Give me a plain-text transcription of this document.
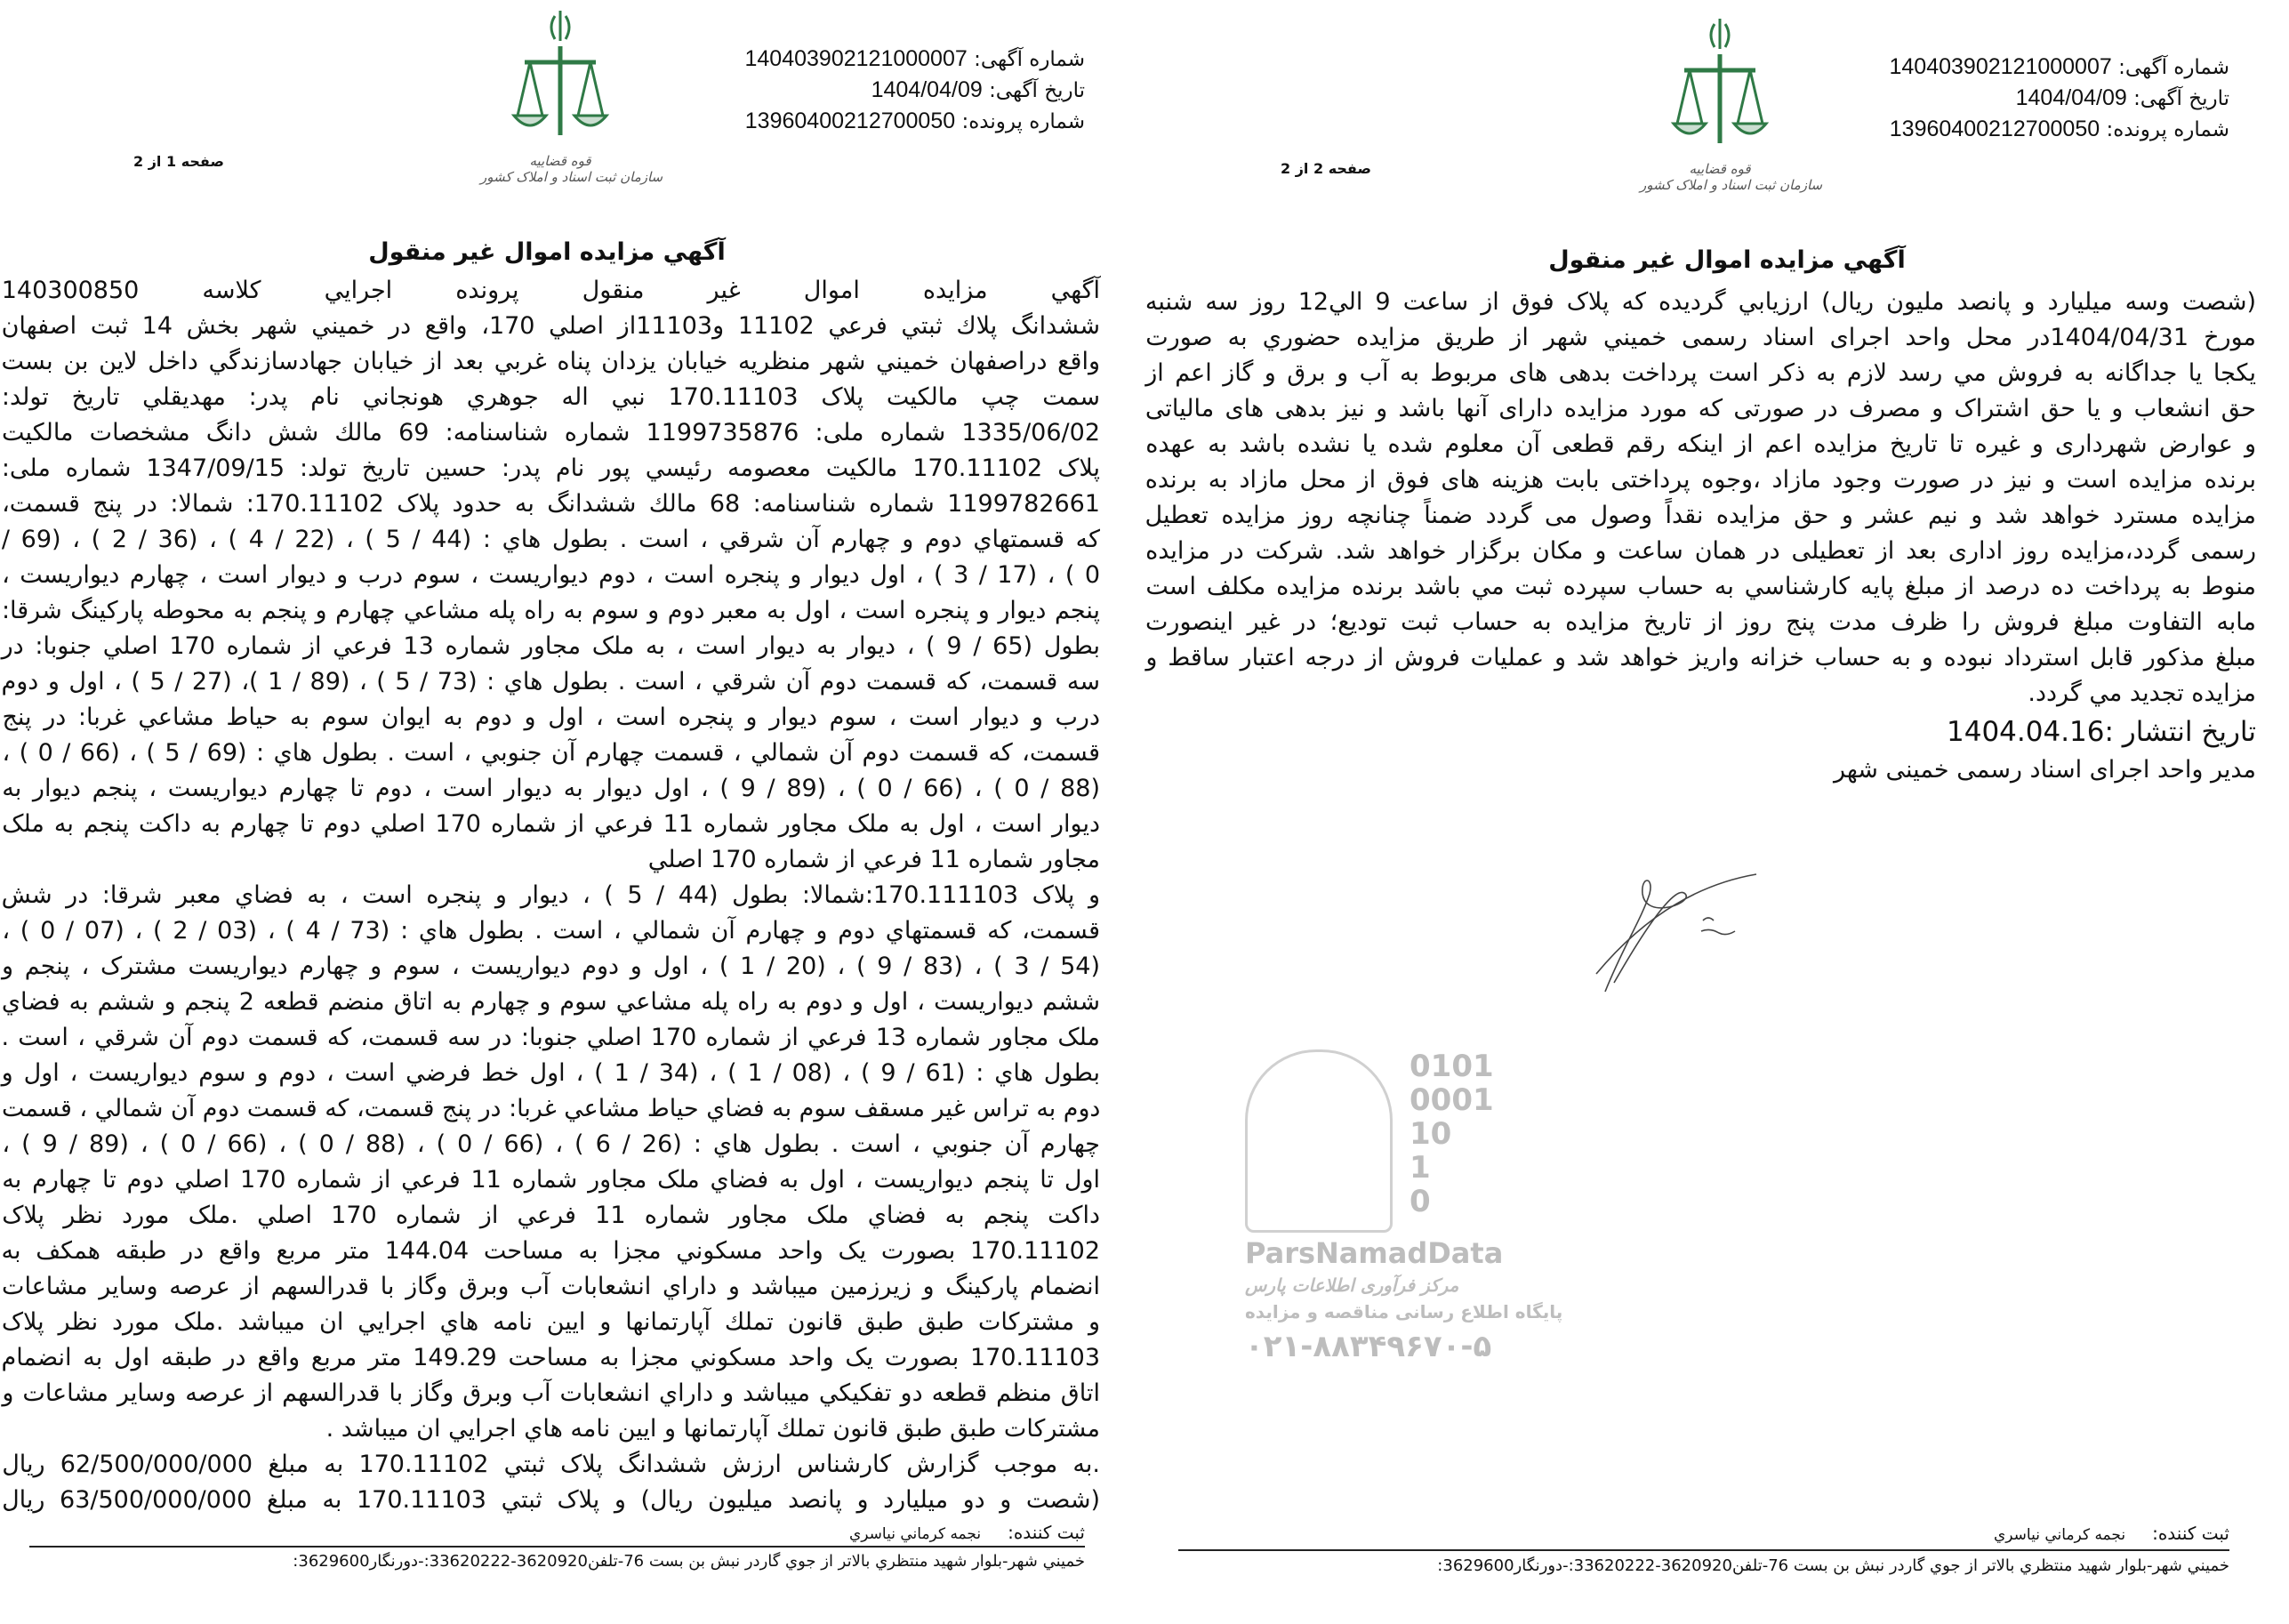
قوه قضاييه
سازمان ثبت اسناد و املاک كشور	قوه قضاييه
سازمان ثبت اسناد و املاک كشور
شماره آگهی: 140403902121000007
تاريخ آگهی: 1404/04/09
شماره پرونده: 13960400212700050
صفحه 1 از 2
آگهي مزايده اموال غير منقول
آگهي مزايده اموال غير منقول پرونده اجرايي كلاسه 140300850
ششدانگ پلاك ثبتي فرعي 11102 و11103از اصلي 170، واقع در خميني شهر بخش 14 ثبت اصفهان
واقع دراصفهان خميني شهر منظريه خيابان يزدان پناه غربي بعد از خيابان جهادسازندگي داخل لاين بن بست
سمت چپ مالكيت پلاک 170.11103 نبي اله جوهري هونجاني نام پدر: مهديقلي تاريخ تولد:
1335/06/02 شماره ملی: 1199735876 شماره شناسنامه: 69 مالك شش دانگ مشخصات مالكيت
پلاک 170.11102 مالكيت معصومه رئيسي پور نام پدر: حسين تاريخ تولد: 1347/09/15 شماره ملی:
1199782661 شماره شناسنامه: 68 مالك ششدانگ به حدود پلاک 170.11102: شمالا: در پنج قسمت،
كه قسمتهاي دوم و چهارم آن شرقي ، است . بطول هاي : (44 / 5 ) ، (22 / 4 ) ، (36 / 2 ) ، (69 /
0 ) ، (17 / 3 ) ، اول ديوار و پنجره است ، دوم ديواريست ، سوم درب و ديوار است ، چهارم ديواريست ،
پنجم ديوار و پنجره است ، اول به معبر دوم و سوم به راه پله مشاعي چهارم و پنجم به محوطه پاركينگ شرقا:
بطول (65 / 9 ) ، ديوار به ديوار است ، به ملک مجاور شماره 13 فرعي از شماره 170 اصلي جنوبا: در
سه قسمت، كه قسمت دوم آن شرقي ، است . بطول هاي : (73 / 5 ) ، (89 / 1 )، (27 / 5 ) ، اول و دوم
درب و ديوار است ، سوم ديوار و پنجره است ، اول و دوم به ايوان سوم به حياط مشاعي غربا: در پنج
قسمت، كه قسمت دوم آن شمالي ، قسمت چهارم آن جنوبي ، است . بطول هاي : (69 / 5 ) ، (66 / 0 ) ،
(88 / 0 ) ، (66 / 0 ) ، (89 / 9 ) ، اول ديوار به ديوار است ، دوم تا چهارم ديواريست ، پنجم ديوار به
ديوار است ، اول به ملک مجاور شماره 11 فرعي از شماره 170 اصلي دوم تا چهارم به داكت پنجم به ملک
مجاور شماره 11 فرعي از شماره 170 اصلي
و پلاک 170.111103:شمالا: بطول (44 / 5 ) ، ديوار و پنجره است ، به فضاي معبر شرقا: در شش
قسمت، كه قسمتهاي دوم و چهارم آن شمالي ، است . بطول هاي : (73 / 4 ) ، (03 / 2 ) ، (07 / 0 ) ،
(54 / 3 ) ، (83 / 9 ) ، (20 / 1 ) ، اول و دوم ديواريست ، سوم و چهارم ديواريست مشترک ، پنجم و
ششم ديواريست ، اول و دوم به راه پله مشاعي سوم و چهارم به اتاق منضم قطعه 2 پنجم و ششم به فضاي
ملک مجاور شماره 13 فرعي از شماره 170 اصلي جنوبا: در سه قسمت، كه قسمت دوم آن شرقي ، است .
بطول هاي : (61 / 9 ) ، (08 / 1 ) ، (34 / 1 ) ، اول خط فرضي است ، دوم و سوم ديواريست ، اول و
دوم به تراس غير مسقف سوم به فضاي حياط مشاعي غربا: در پنج قسمت، كه قسمت دوم آن شمالي ، قسمت
چهارم آن جنوبي ، است . بطول هاي : (26 / 6 ) ، (66 / 0 ) ، (88 / 0 ) ، (66 / 0 ) ، (89 / 9 ) ،
اول تا پنجم ديواريست ، اول به فضاي ملک مجاور شماره 11 فرعي از شماره 170 اصلي دوم تا چهارم به
داكت پنجم به فضاي ملک مجاور شماره 11 فرعي از شماره 170 اصلي .ملک مورد نظر پلاک
170.11102 بصورت يک واحد مسكوني مجزا به مساحت 144.04 متر مربع واقع در طبقه همكف به
انضمام پاركينگ و زيرزمين ميباشد و داراي انشعابات آب وبرق وگاز با قدرالسهم از عرصه وساير مشاعات
و مشتركات طبق طبق قانون تملك آپارتمانها و ايين نامه هاي اجرايي ان ميباشد .ملک مورد نظر پلاک
170.11103 بصورت يک واحد مسكوني مجزا به مساحت 149.29 متر مربع واقع در طبقه اول به انضمام
اتاق منظم قطعه دو تفكيكي ميباشد و داراي انشعابات آب وبرق وگاز با قدرالسهم از عرصه وساير مشاعات و
مشتركات طبق طبق قانون تملك آپارتمانها و ايين نامه هاي اجرايي ان ميباشد .
.به موجب گزارش كارشناس ارزش ششدانگ پلاک ثبتي 170.11102 به مبلغ 62/500/000/000 ريال
(شصت و دو ميليارد و پانصد ميليون ريال) و پلاک ثبتي 170.11103 به مبلغ 63/500/000/000 ريال
شماره آگهی: 140403902121000007
تاريخ آگهی: 1404/04/09
شماره پرونده: 13960400212700050
صفحه 2 از 2
آگهي مزايده اموال غير منقول
(شصت وسه ميليارد و پانصد مليون ريال) ارزيابي گرديده كه پلاک فوق از ساعت 9 الي12 روز سه شنبه
مورخ 1404/04/31در محل واحد اجرای اسناد رسمی خميني شهر از طريق مزايده حضوري به صورت
يكجا يا جداگانه به فروش مي رسد لازم به ذكر است پرداخت بدهی های مربوط به آب و برق و گاز اعم از
حق انشعاب و يا حق اشتراک و مصرف در صورتی كه مورد مزايده دارای آنها باشد و نيز بدهی های مالياتی
و عوارض شهرداری و غيره تا تاريخ مزايده اعم از اينكه رقم قطعی آن معلوم شده يا نشده باشد به عهده
برنده مزايده است و نيز در صورت وجود مازاد ،وجوه پرداختی بابت هزينه های فوق از محل مازاد به برنده
مزايده مسترد خواهد شد و نيم عشر و حق مزايده نقداً وصول می گردد ضمناً چنانچه روز مزايده تعطيل
رسمی گردد،مزايده روز اداری بعد از تعطيلی در همان ساعت و مكان برگزار خواهد شد. شركت در مزايده
منوط به پرداخت ده درصد از مبلغ پايه كارشناسي به حساب سپرده ثبت مي باشد برنده مزايده مكلف است
مابه التفاوت مبلغ فروش را ظرف مدت پنج روز از تاريخ مزايده به حساب ثبت توديع؛ در غير اينصورت
مبلغ مذكور قابل استرداد نبوده و به حساب خزانه واريز خواهد شد و عمليات فروش از درجه اعتبار ساقط و
مزايده تجديد مي گردد.
تاريخ انتشار :1404.04.16
مدير واحد اجرای اسناد رسمی خمينی شهر
0101
0001
10
1
0
ParsNamadData
مرکز فرآوری اطلاعات پارس
پایگاه اطلاع رسانی مناقصه و مزایده
۰۲۱-۸۸۳۴۹۶۷۰-۵
ثبت كننده:نجمه كرماني نياسري
خميني شهر-بلوار شهيد منتظري بالاتر از جوي گاردر نبش بن بست 76-تلفن3620920-33620222:-دورنگار3629600:
ثبت كننده:نجمه كرماني نياسري
خميني شهر-بلوار شهيد منتظري بالاتر از جوي گاردر نبش بن بست 76-تلفن3620920-33620222:-دورنگار3629600:
